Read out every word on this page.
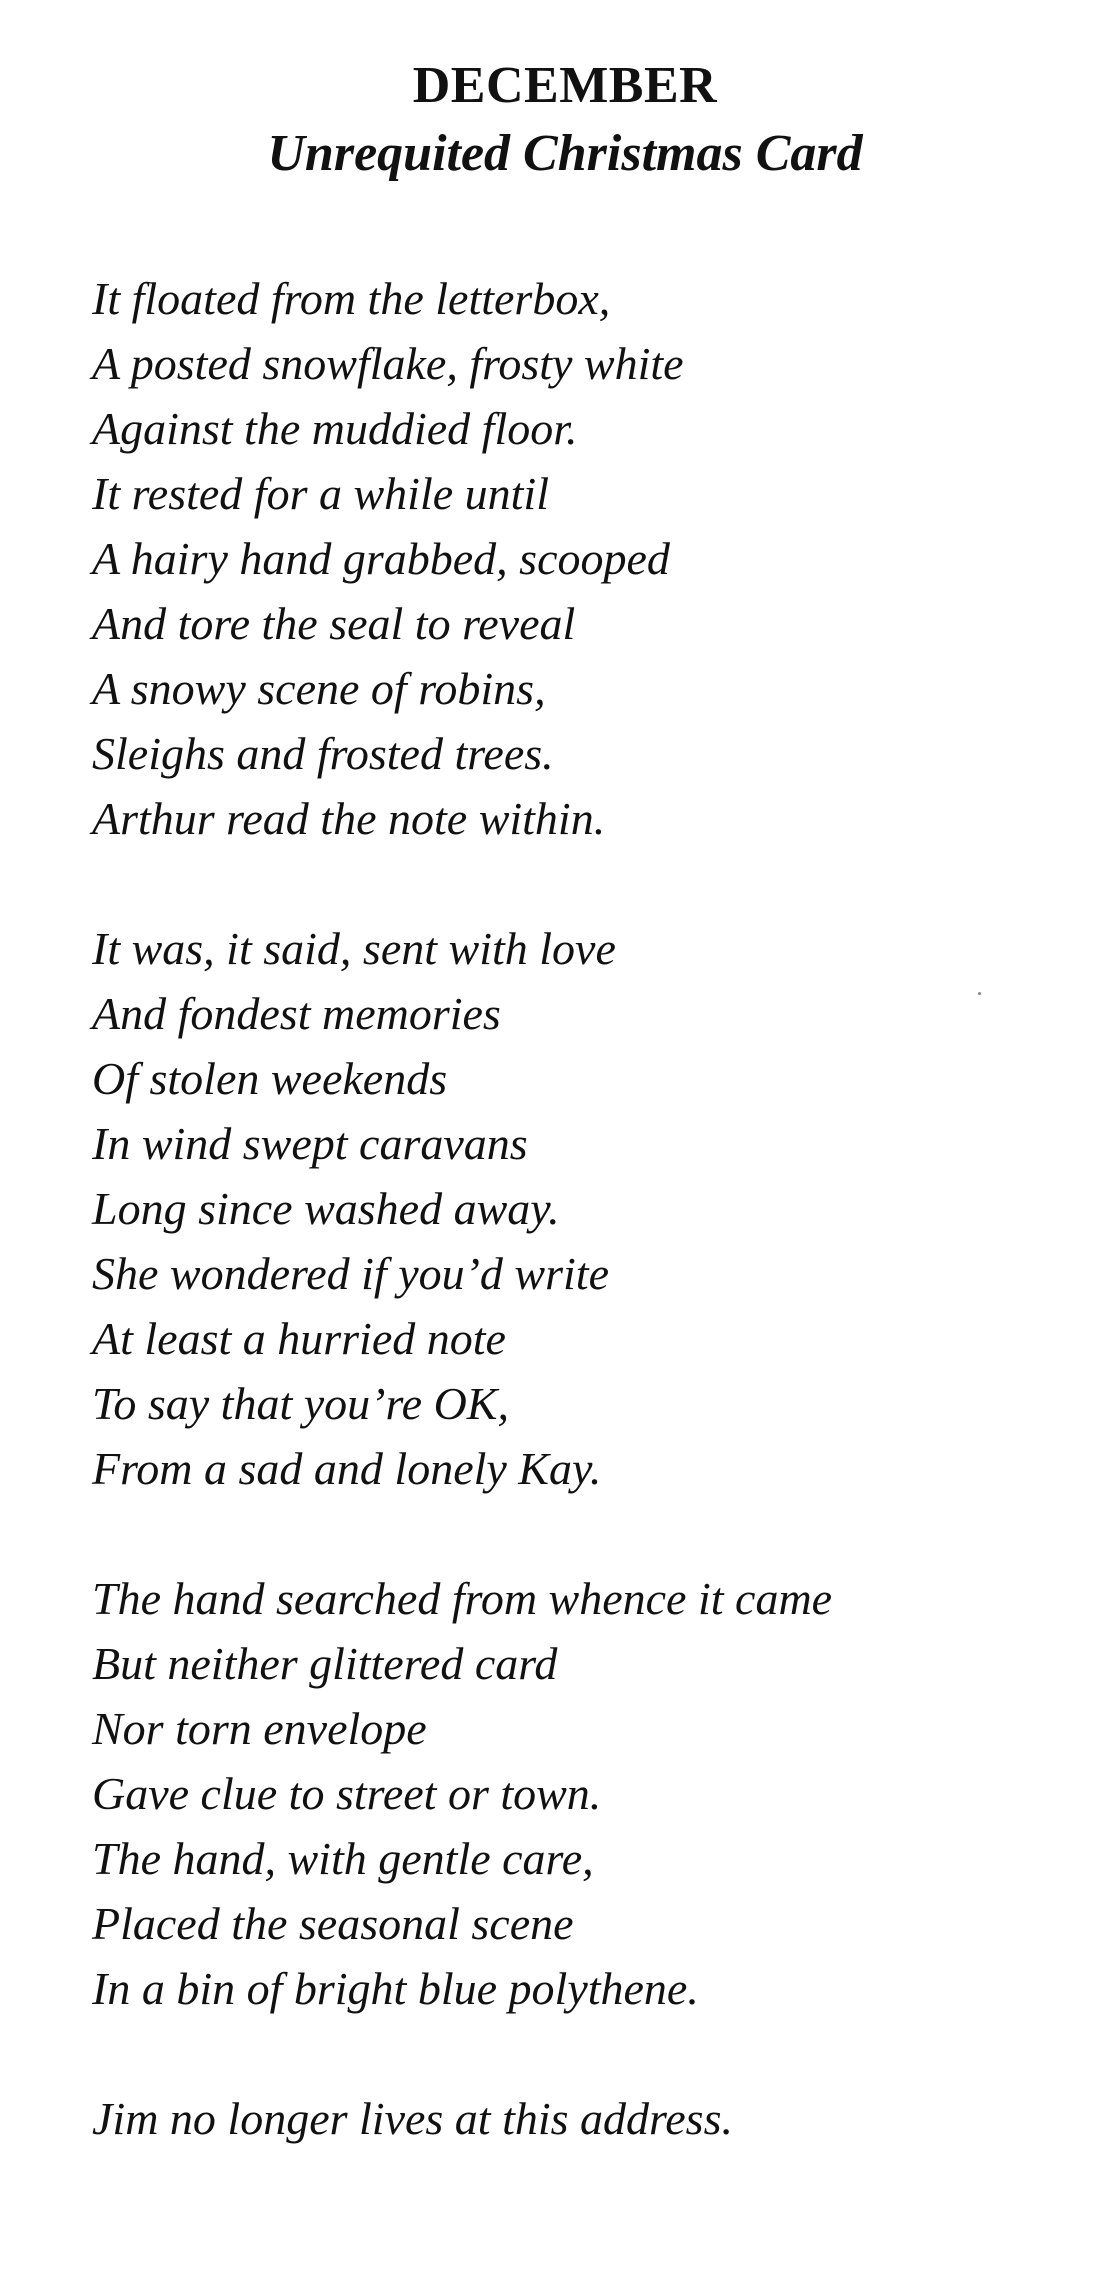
DECEMBER
Unrequited Christmas Card
It floated from the letterbox,
A posted snowflake, frosty white
Against the muddied floor.
It rested for a while until
A hairy hand grabbed, scooped
And tore the seal to reveal
A snowy scene of robins,
Sleighs and frosted trees.
Arthur read the note within.
It was, it said, sent with love
And fondest memories
Of stolen weekends
In wind swept caravans
Long since washed away.
She wondered if you’d write
At least a hurried note
To say that you’re OK,
From a sad and lonely Kay.
The hand searched from whence it came
But neither glittered card
Nor torn envelope
Gave clue to street or town.
The hand, with gentle care,
Placed the seasonal scene
In a bin of bright blue polythene.
Jim no longer lives at this address.
